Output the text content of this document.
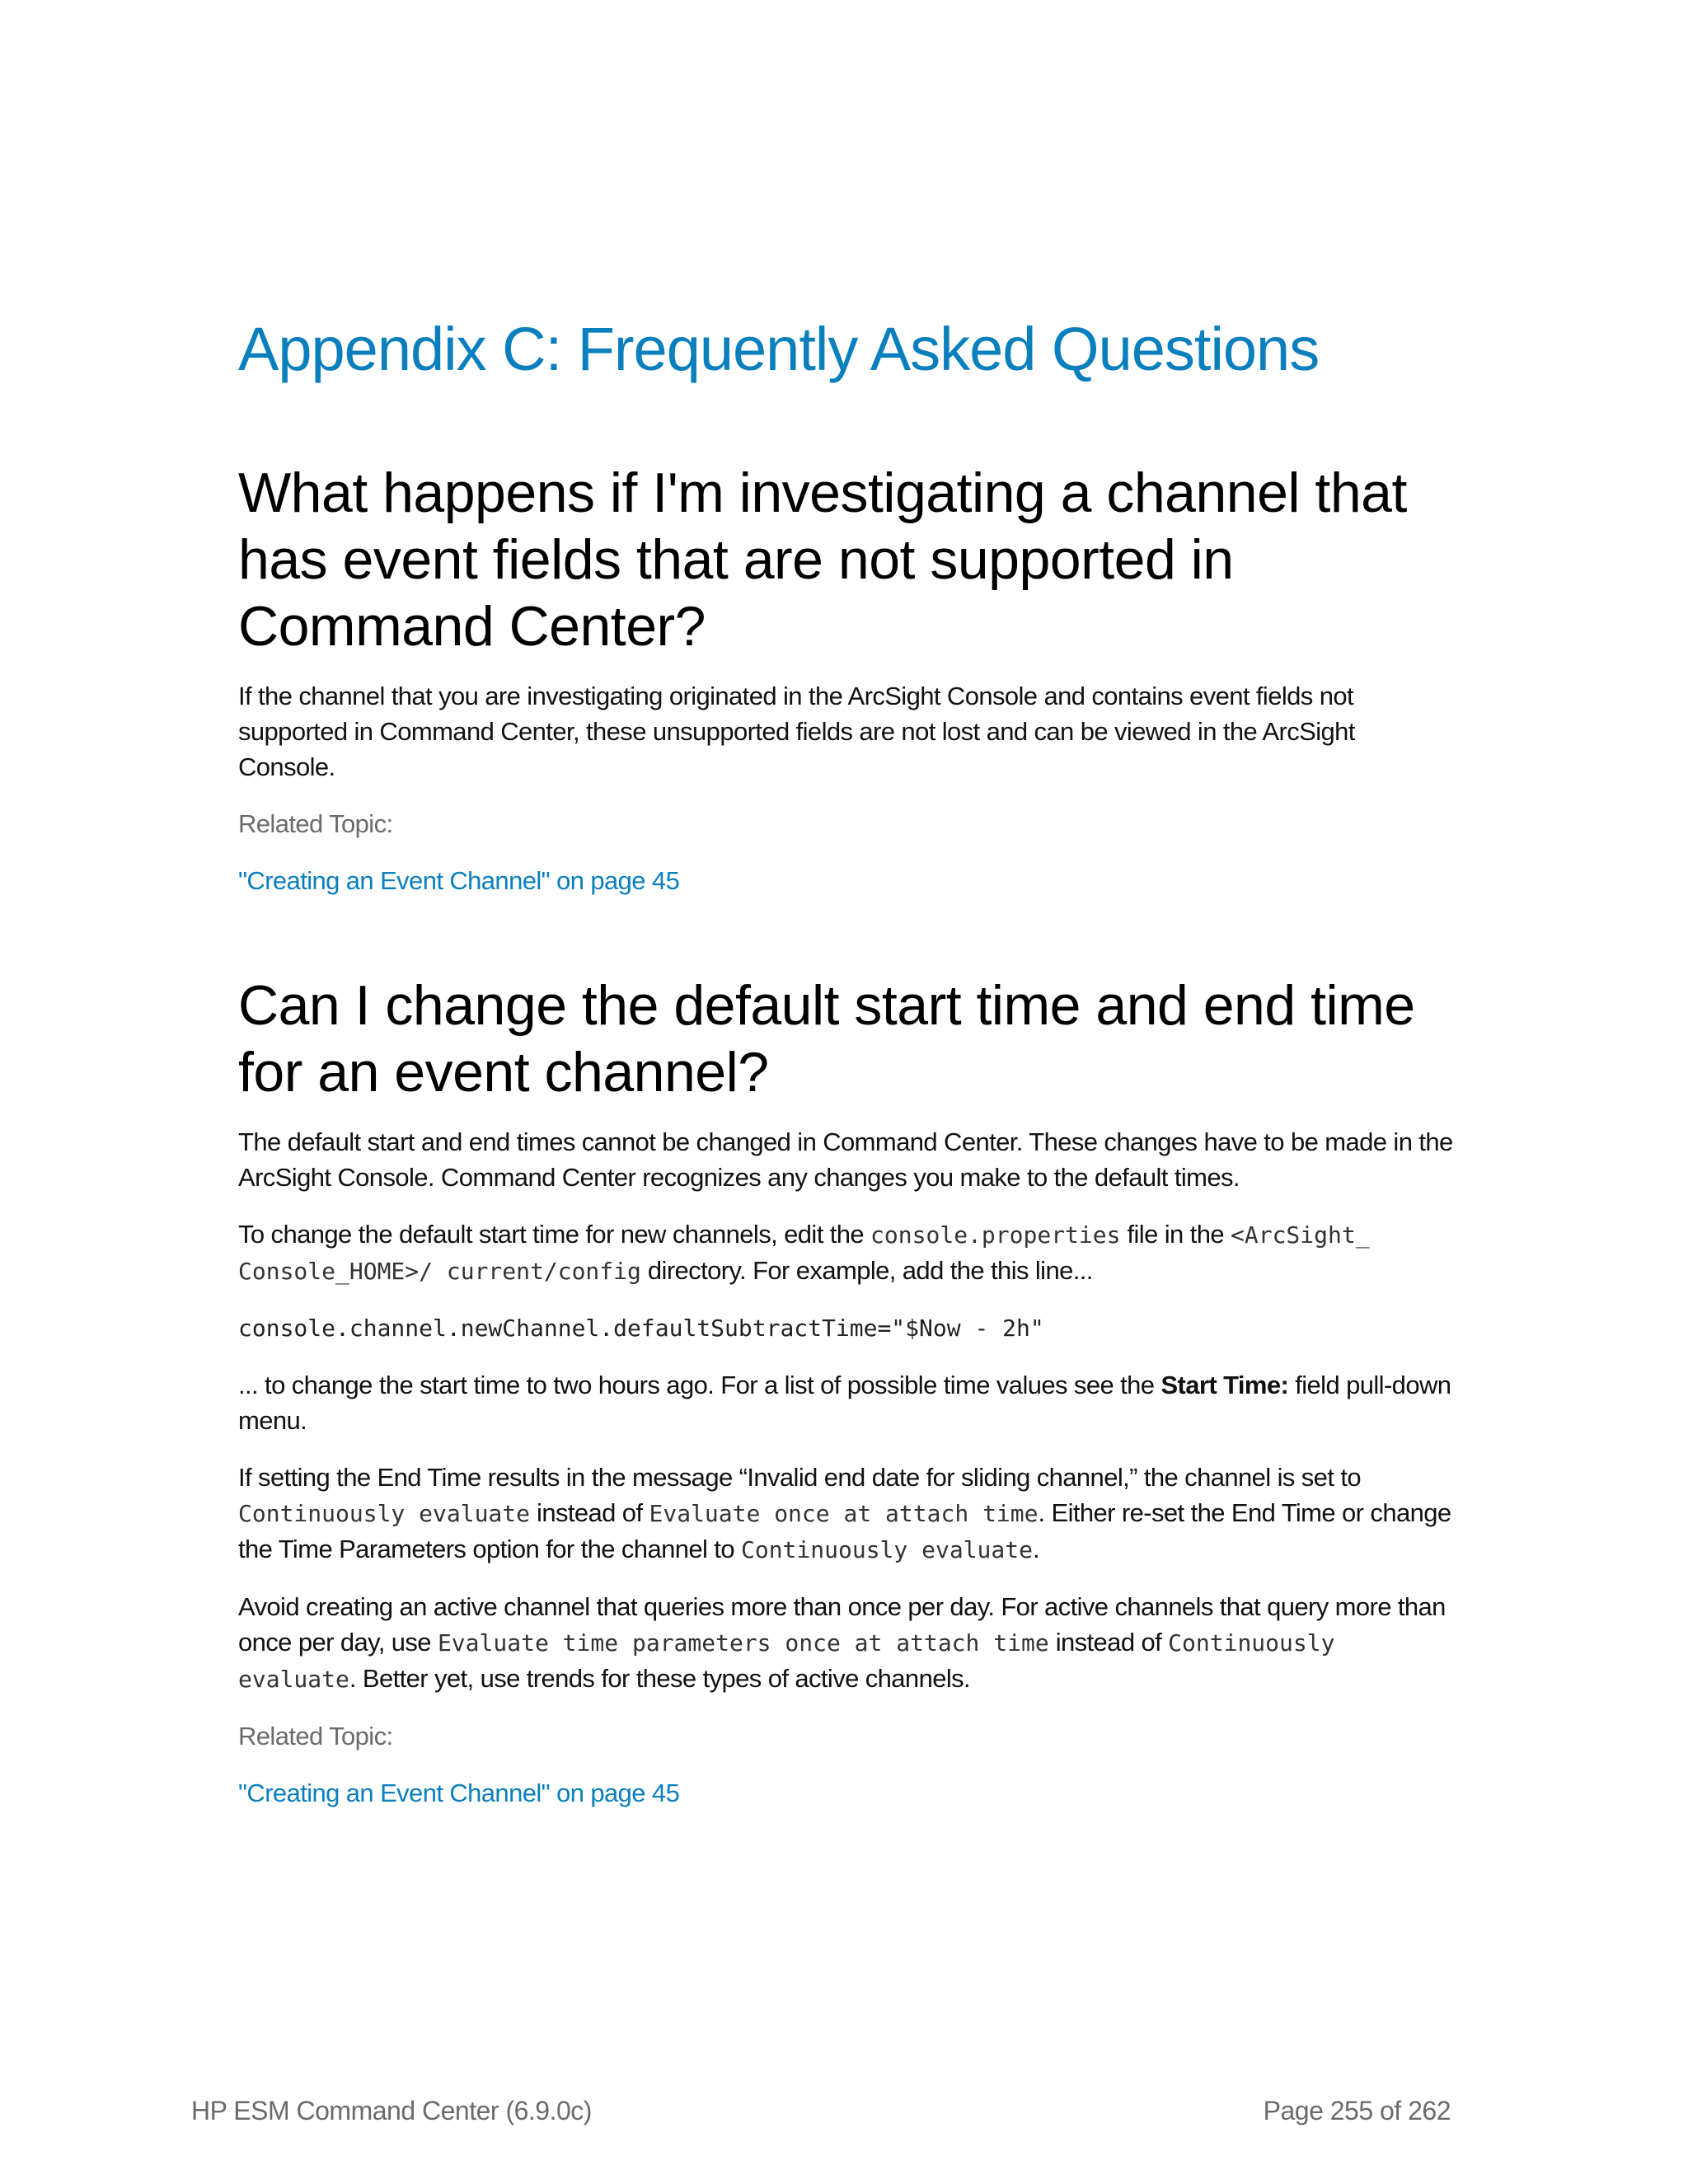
Appendix C: Frequently Asked Questions
What happens if I'm investigating a channel that has event fields that are not supported in Command Center?

If the channel that you are investigating originated in the ArcSight Console and contains event fields not supported in Command Center, these unsupported fields are not lost and can be viewed in the ArcSight Console.

Related Topic:

"Creating an Event Channel" on page 45
Can I change the default start time and end time for an event channel?

The default start and end times cannot be changed in Command Center. These changes have to be made in the ArcSight Console. Command Center recognizes any changes you make to the default times.

To change the default start time for new channels, edit the console.properties file in the <ArcSight_ Console_HOME>/ current/config directory. For example, add the this line...

console.channel.newChannel.defaultSubtractTime="$Now - 2h"

... to change the start time to two hours ago. For a list of possible time values see the Start Time: field pull-down menu.

If setting the End Time results in the message “Invalid end date for sliding channel,” the channel is set to Continuously evaluate instead of Evaluate once at attach time. Either re-set the End Time or change the Time Parameters option for the channel to Continuously evaluate.

Avoid creating an active channel that queries more than once per day. For active channels that query more than once per day, use Evaluate time parameters once at attach time instead of Continuously evaluate. Better yet, use trends for these types of active channels.

Related Topic:

"Creating an Event Channel" on page 45
HP ESM Command Center (6.9.0c)	Page 255 of 262
